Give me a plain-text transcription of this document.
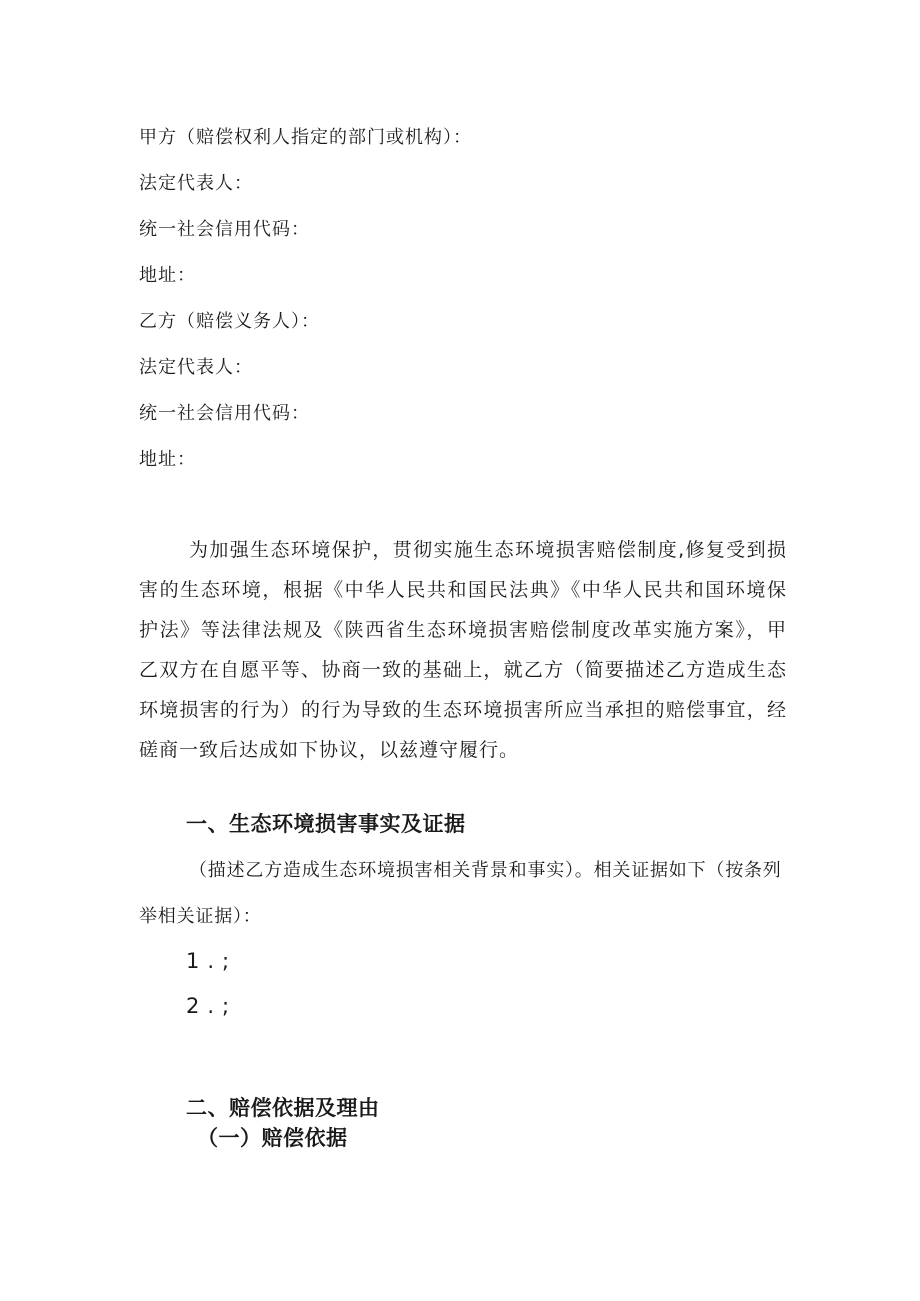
甲方（赔偿权利人指定的部门或机构）：
法定代表人：
统一社会信用代码：
地址：
乙方（赔偿义务人）：
法定代表人：
统一社会信用代码：
地址：
为加强生态环境保护，贯彻实施生态环境损害赔偿制度,修复受到损害的生态环境，根据《中华人民共和国民法典》《中华人民共和国环境保护法》等法律法规及《陕西省生态环境损害赔偿制度改革实施方案》，甲乙双方在自愿平等、协商一致的基础上，就乙方（简要描述乙方造成生态环境损害的行为）的行为导致的生态环境损害所应当承担的赔偿事宜，经磋商一致后达成如下协议，以兹遵守履行。
一、生态环境损害事实及证据
（描述乙方造成生态环境损害相关背景和事实）。相关证据如下（按条列举相关证据）：
1.;
2.;
二、赔偿依据及理由
（一）赔偿依据
